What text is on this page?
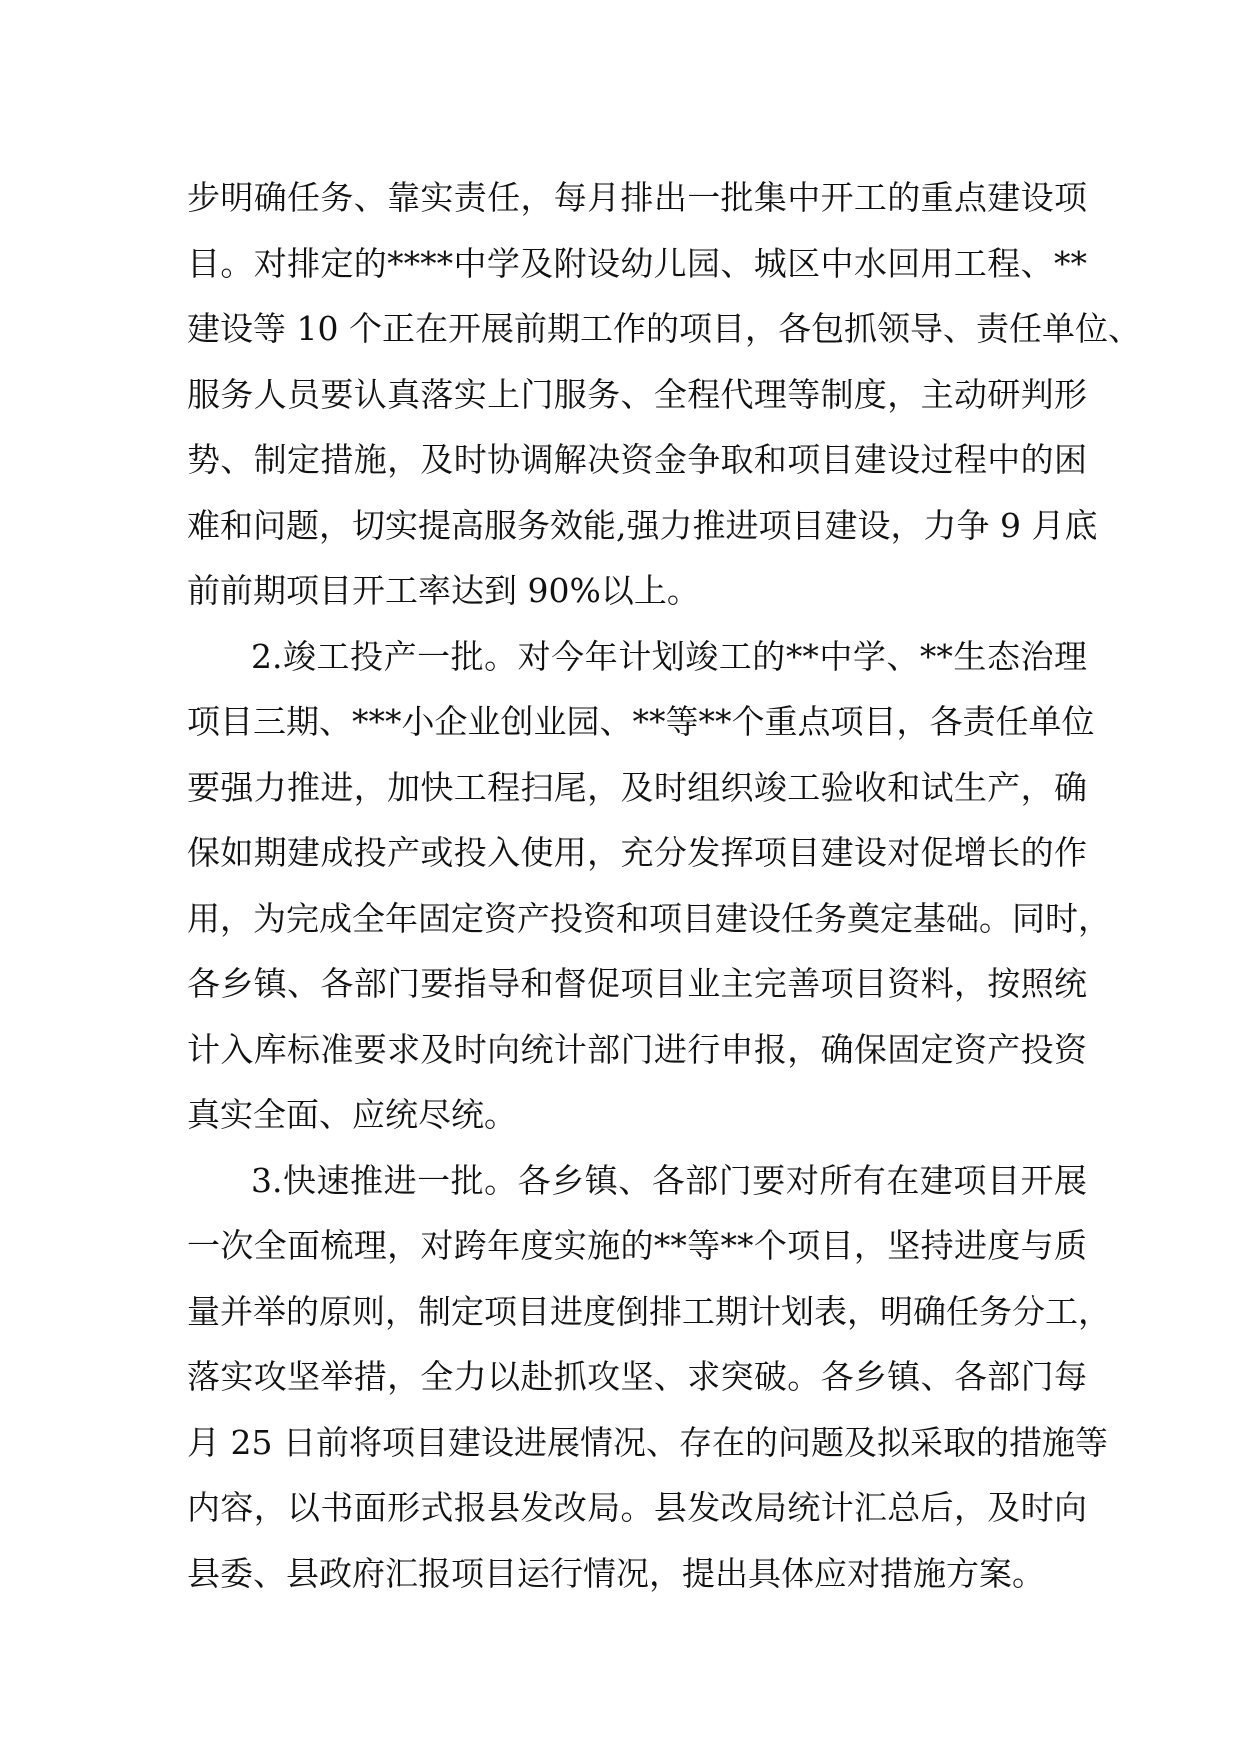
步明确任务、靠实责任，每月排出一批集中开工的重点建设项
目。对排定的****中学及附设幼儿园、城区中水回用工程、**
建设等 10 个正在开展前期工作的项目，各包抓领导、责任单位、
服务人员要认真落实上门服务、全程代理等制度，主动研判形
势、制定措施，及时协调解决资金争取和项目建设过程中的困
难和问题，切实提高服务效能,强力推进项目建设，力争 9 月底
前前期项目开工率达到 90%以上。
2.竣工投产一批。对今年计划竣工的**中学、**生态治理
项目三期、***小企业创业园、**等**个重点项目，各责任单位
要强力推进，加快工程扫尾，及时组织竣工验收和试生产，确
保如期建成投产或投入使用，充分发挥项目建设对促增长的作
用，为完成全年固定资产投资和项目建设任务奠定基础。同时，
各乡镇、各部门要指导和督促项目业主完善项目资料，按照统
计入库标准要求及时向统计部门进行申报，确保固定资产投资
真实全面、应统尽统。
3.快速推进一批。各乡镇、各部门要对所有在建项目开展
一次全面梳理，对跨年度实施的**等**个项目，坚持进度与质
量并举的原则，制定项目进度倒排工期计划表，明确任务分工，
落实攻坚举措，全力以赴抓攻坚、求突破。各乡镇、各部门每
月 25 日前将项目建设进展情况、存在的问题及拟采取的措施等
内容，以书面形式报县发改局。县发改局统计汇总后，及时向
县委、县政府汇报项目运行情况，提出具体应对措施方案。
